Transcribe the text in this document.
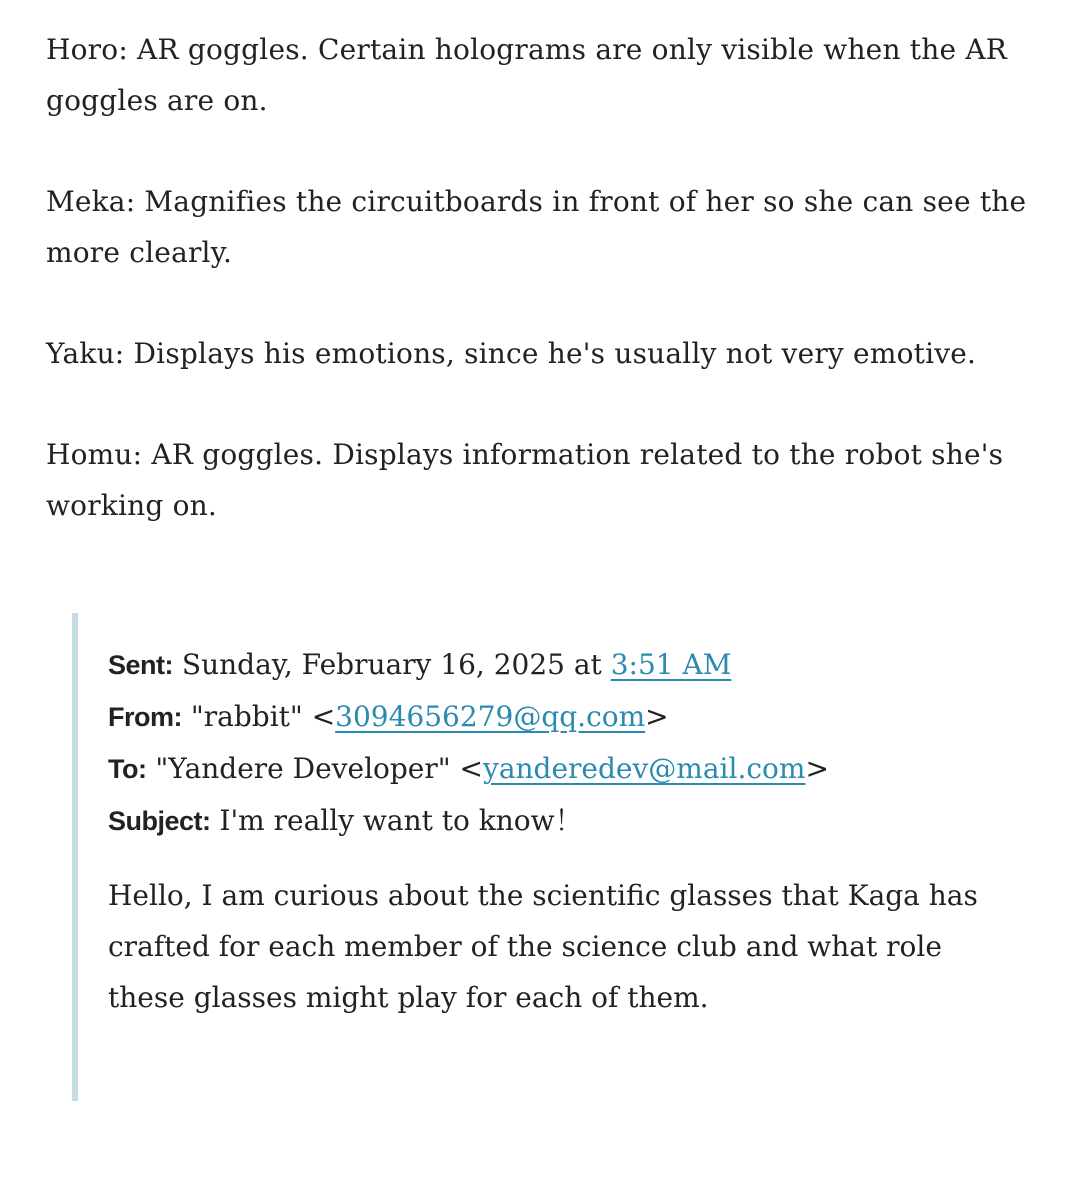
Horo: AR goggles. Certain holograms are only visible when the AR goggles are on.

Meka: Magnifies the circuitboards in front of her so she can see the more clearly.

Yaku: Displays his emotions, since he's usually not very emotive.

Homu: AR goggles. Displays information related to the robot she's working on.

Sent: Sunday, February 16, 2025 at 3:51 AM
From: "rabbit" <3094656279@qq.com>
To: "Yandere Developer" <yanderedev@mail.com>
Subject: I'm really want to know！
Hello, I am curious about the scientific glasses that Kaga has crafted for each member of the science club and what role these glasses might play for each of them.
